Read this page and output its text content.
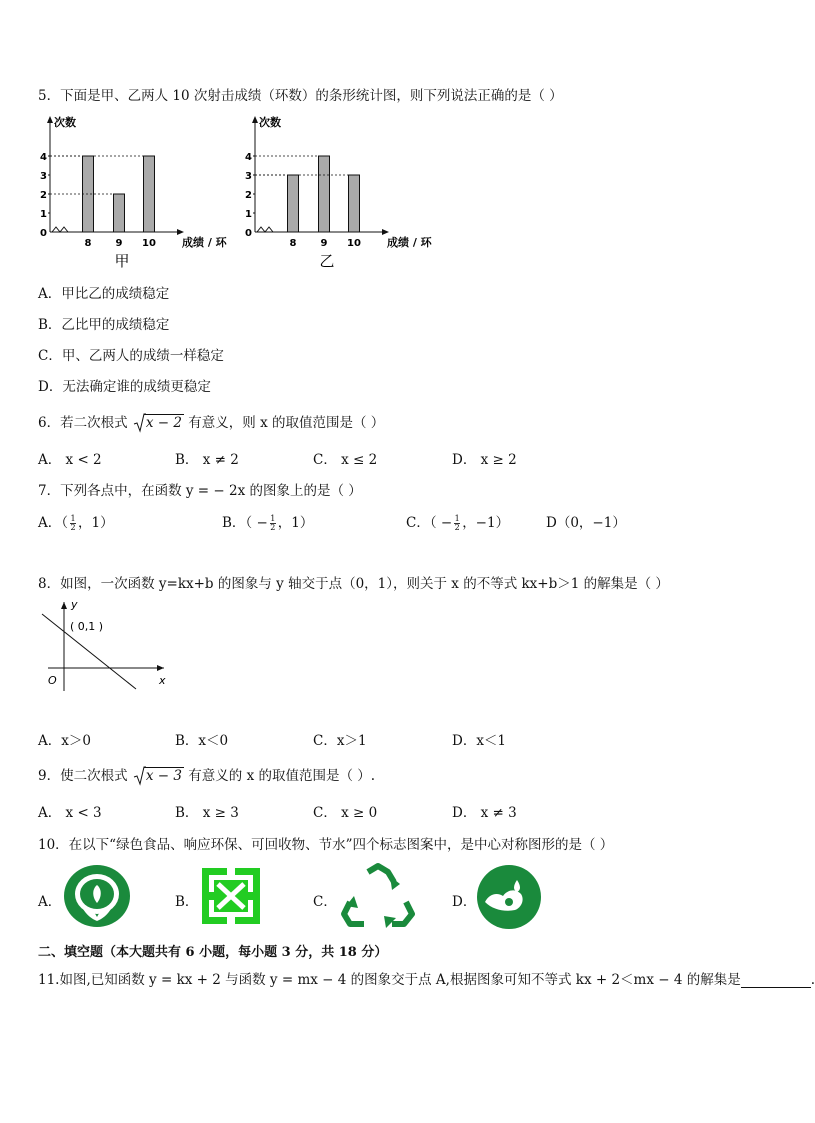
5．下面是甲、乙两人 10 次射击成绩（环数）的条形统计图，则下列说法正确的是（ ）
次数
0
1
2
3
4
8 9 10 成绩 / 环
甲
次数
0
1
2
3
4
8 9 10 成绩 / 环
乙
A．甲比乙的成绩稳定
B．乙比甲的成绩稳定
C．甲、乙两人的成绩一样稳定
D．无法确定谁的成绩更稳定
6．若二次根式 x − 2 有意义，则 x 的取值范围是（ ）
A． x < 2	B． x ≠ 2	C． x ≤ 2	D． x ≥ 2
7．下列各点中，在函数 y = − 2x 的图象上的是（ ）
A．（ $\frac{1}{2}$ ，1）	B．（ − $\frac{1}{2}$ ，1）	C．（ − $\frac{1}{2}$ ，−1）	D（0，−1）
8．如图，一次函数 y=kx+b 的图象与 y 轴交于点（0，1），则关于 x 的不等式 kx+b＞1 的解集是（ ）
y
x
O
( 0,1 )
A．x＞0	B．x＜0	C．x＞1	D．x＜1
9．使二次根式 x − 3 有意义的 x 的取值范围是（ ）.
A． x < 3	B． x ≥ 3	C． x ≥ 0	D． x ≠ 3
10．在以下“绿色食品、响应环保、可回收物、节水”四个标志图案中，是中心对称图形的是（ ）
A．	B．	C．	D．
二、填空题（本大题共有 6 小题，每小题 3 分，共 18 分）
11.如图,已知函数 y = kx + 2 与函数 y = mx − 4 的图象交于点 A,根据图象可知不等式 kx + 2＜mx − 4 的解集是	.
